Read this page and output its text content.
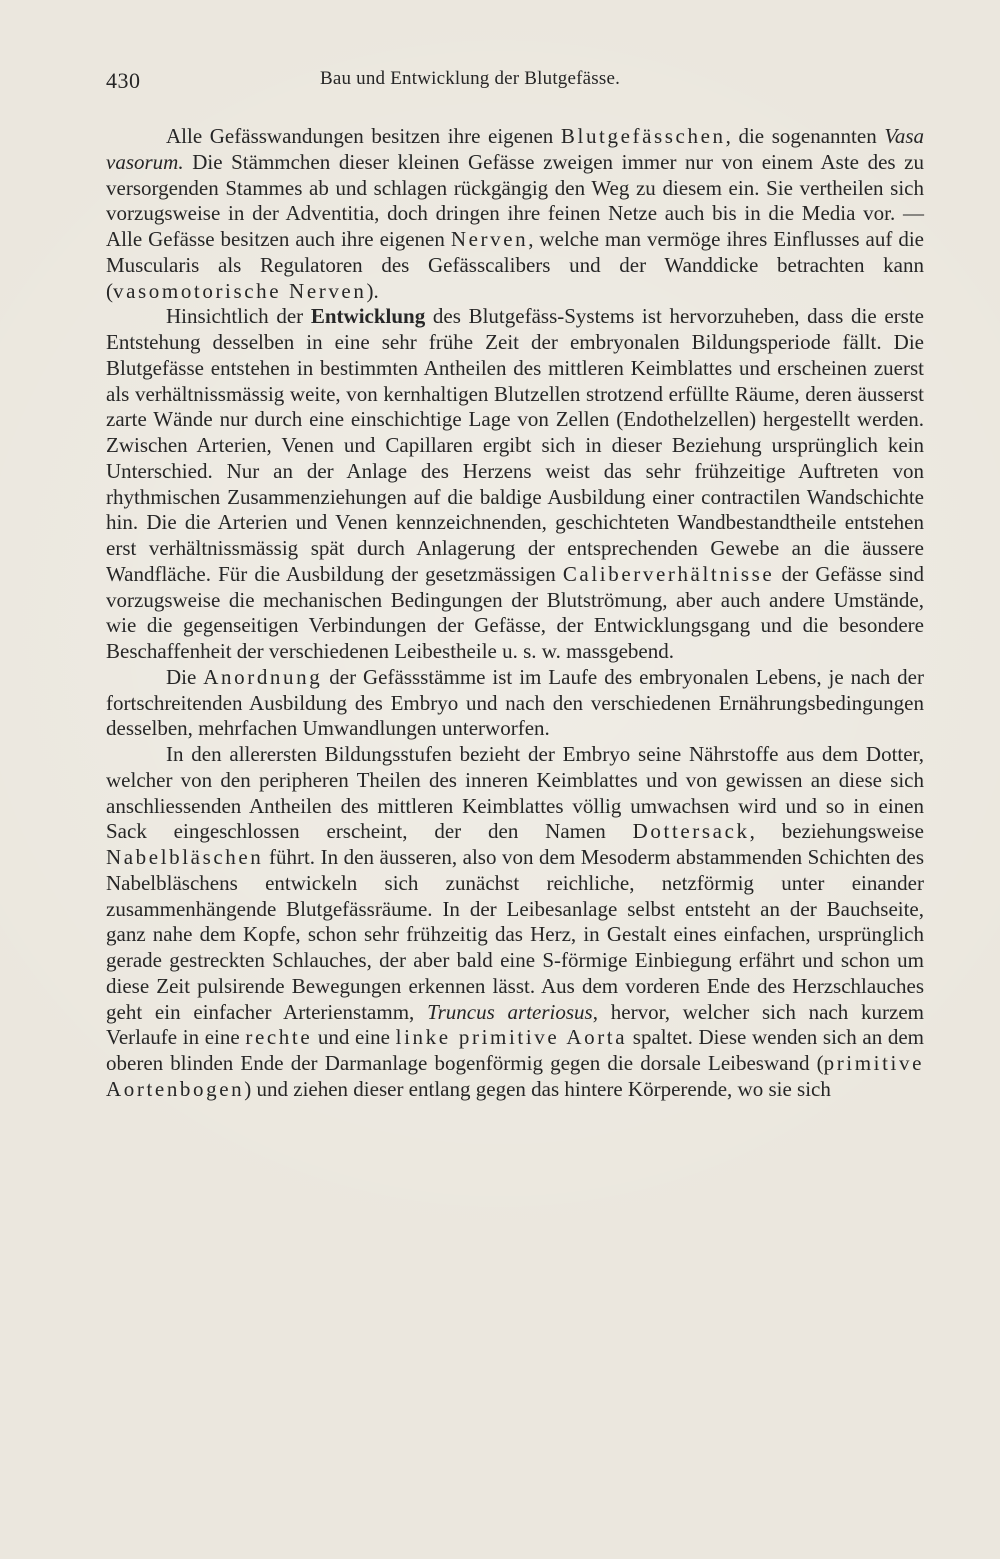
430	Bau und Entwicklung der Blutgefässe.

Alle Gefässwandungen besitzen ihre eigenen Blutgefässchen, die sogenannten Vasa vasorum. Die Stämmchen dieser kleinen Gefässe zweigen immer nur von einem Aste des zu versorgenden Stammes ab und schlagen rückgängig den Weg zu diesem ein. Sie vertheilen sich vorzugsweise in der Adventitia, doch dringen ihre feinen Netze auch bis in die Media vor. — Alle Gefässe besitzen auch ihre eigenen Nerven, welche man vermöge ihres Einflusses auf die Muscularis als Regulatoren des Gefässcalibers und der Wanddicke betrachten kann (vasomotorische Nerven).

Hinsichtlich der Entwicklung des Blutgefäss-Systems ist hervorzuheben, dass die erste Entstehung desselben in eine sehr frühe Zeit der embryonalen Bildungsperiode fällt. Die Blutgefässe entstehen in bestimmten Antheilen des mittleren Keimblattes und erscheinen zuerst als verhältnissmässig weite, von kernhaltigen Blutzellen strotzend erfüllte Räume, deren äusserst zarte Wände nur durch eine einschichtige Lage von Zellen (Endothelzellen) hergestellt werden. Zwischen Arterien, Venen und Capillaren ergibt sich in dieser Beziehung ursprünglich kein Unterschied. Nur an der Anlage des Herzens weist das sehr frühzeitige Auftreten von rhythmischen Zusammenziehungen auf die baldige Ausbildung einer contractilen Wandschichte hin. Die die Arterien und Venen kennzeichnenden, geschichteten Wandbestandtheile entstehen erst verhältnissmässig spät durch Anlagerung der entsprechenden Gewebe an die äussere Wandfläche. Für die Ausbildung der gesetzmässigen Caliberverhältnisse der Gefässe sind vorzugsweise die mechanischen Bedingungen der Blutströmung, aber auch andere Umstände, wie die gegenseitigen Verbindungen der Gefässe, der Entwicklungsgang und die besondere Beschaffenheit der verschiedenen Leibestheile u. s. w. massgebend.

Die Anordnung der Gefässstämme ist im Laufe des embryonalen Lebens, je nach der fortschreitenden Ausbildung des Embryo und nach den verschiedenen Ernährungsbedingungen desselben, mehrfachen Umwandlungen unterworfen.

In den allerersten Bildungsstufen bezieht der Embryo seine Nährstoffe aus dem Dotter, welcher von den peripheren Theilen des inneren Keimblattes und von gewissen an diese sich anschliessenden Antheilen des mittleren Keimblattes völlig umwachsen wird und so in einen Sack eingeschlossen erscheint, der den Namen Dottersack, beziehungsweise Nabelbläschen führt. In den äusseren, also von dem Mesoderm abstammenden Schichten des Nabelbläschens entwickeln sich zunächst reichliche, netzförmig unter einander zusammenhängende Blutgefässräume. In der Leibesanlage selbst entsteht an der Bauchseite, ganz nahe dem Kopfe, schon sehr frühzeitig das Herz, in Gestalt eines einfachen, ursprünglich gerade gestreckten Schlauches, der aber bald eine S-förmige Einbiegung erfährt und schon um diese Zeit pulsirende Bewegungen erkennen lässt. Aus dem vorderen Ende des Herzschlauches geht ein einfacher Arterienstamm, Truncus arteriosus, hervor, welcher sich nach kurzem Verlaufe in eine rechte und eine linke primitive Aorta spaltet. Diese wenden sich an dem oberen blinden Ende der Darmanlage bogenförmig gegen die dorsale Leibeswand (primitive Aortenbogen) und ziehen dieser entlang gegen das hintere Körperende, wo sie sich
